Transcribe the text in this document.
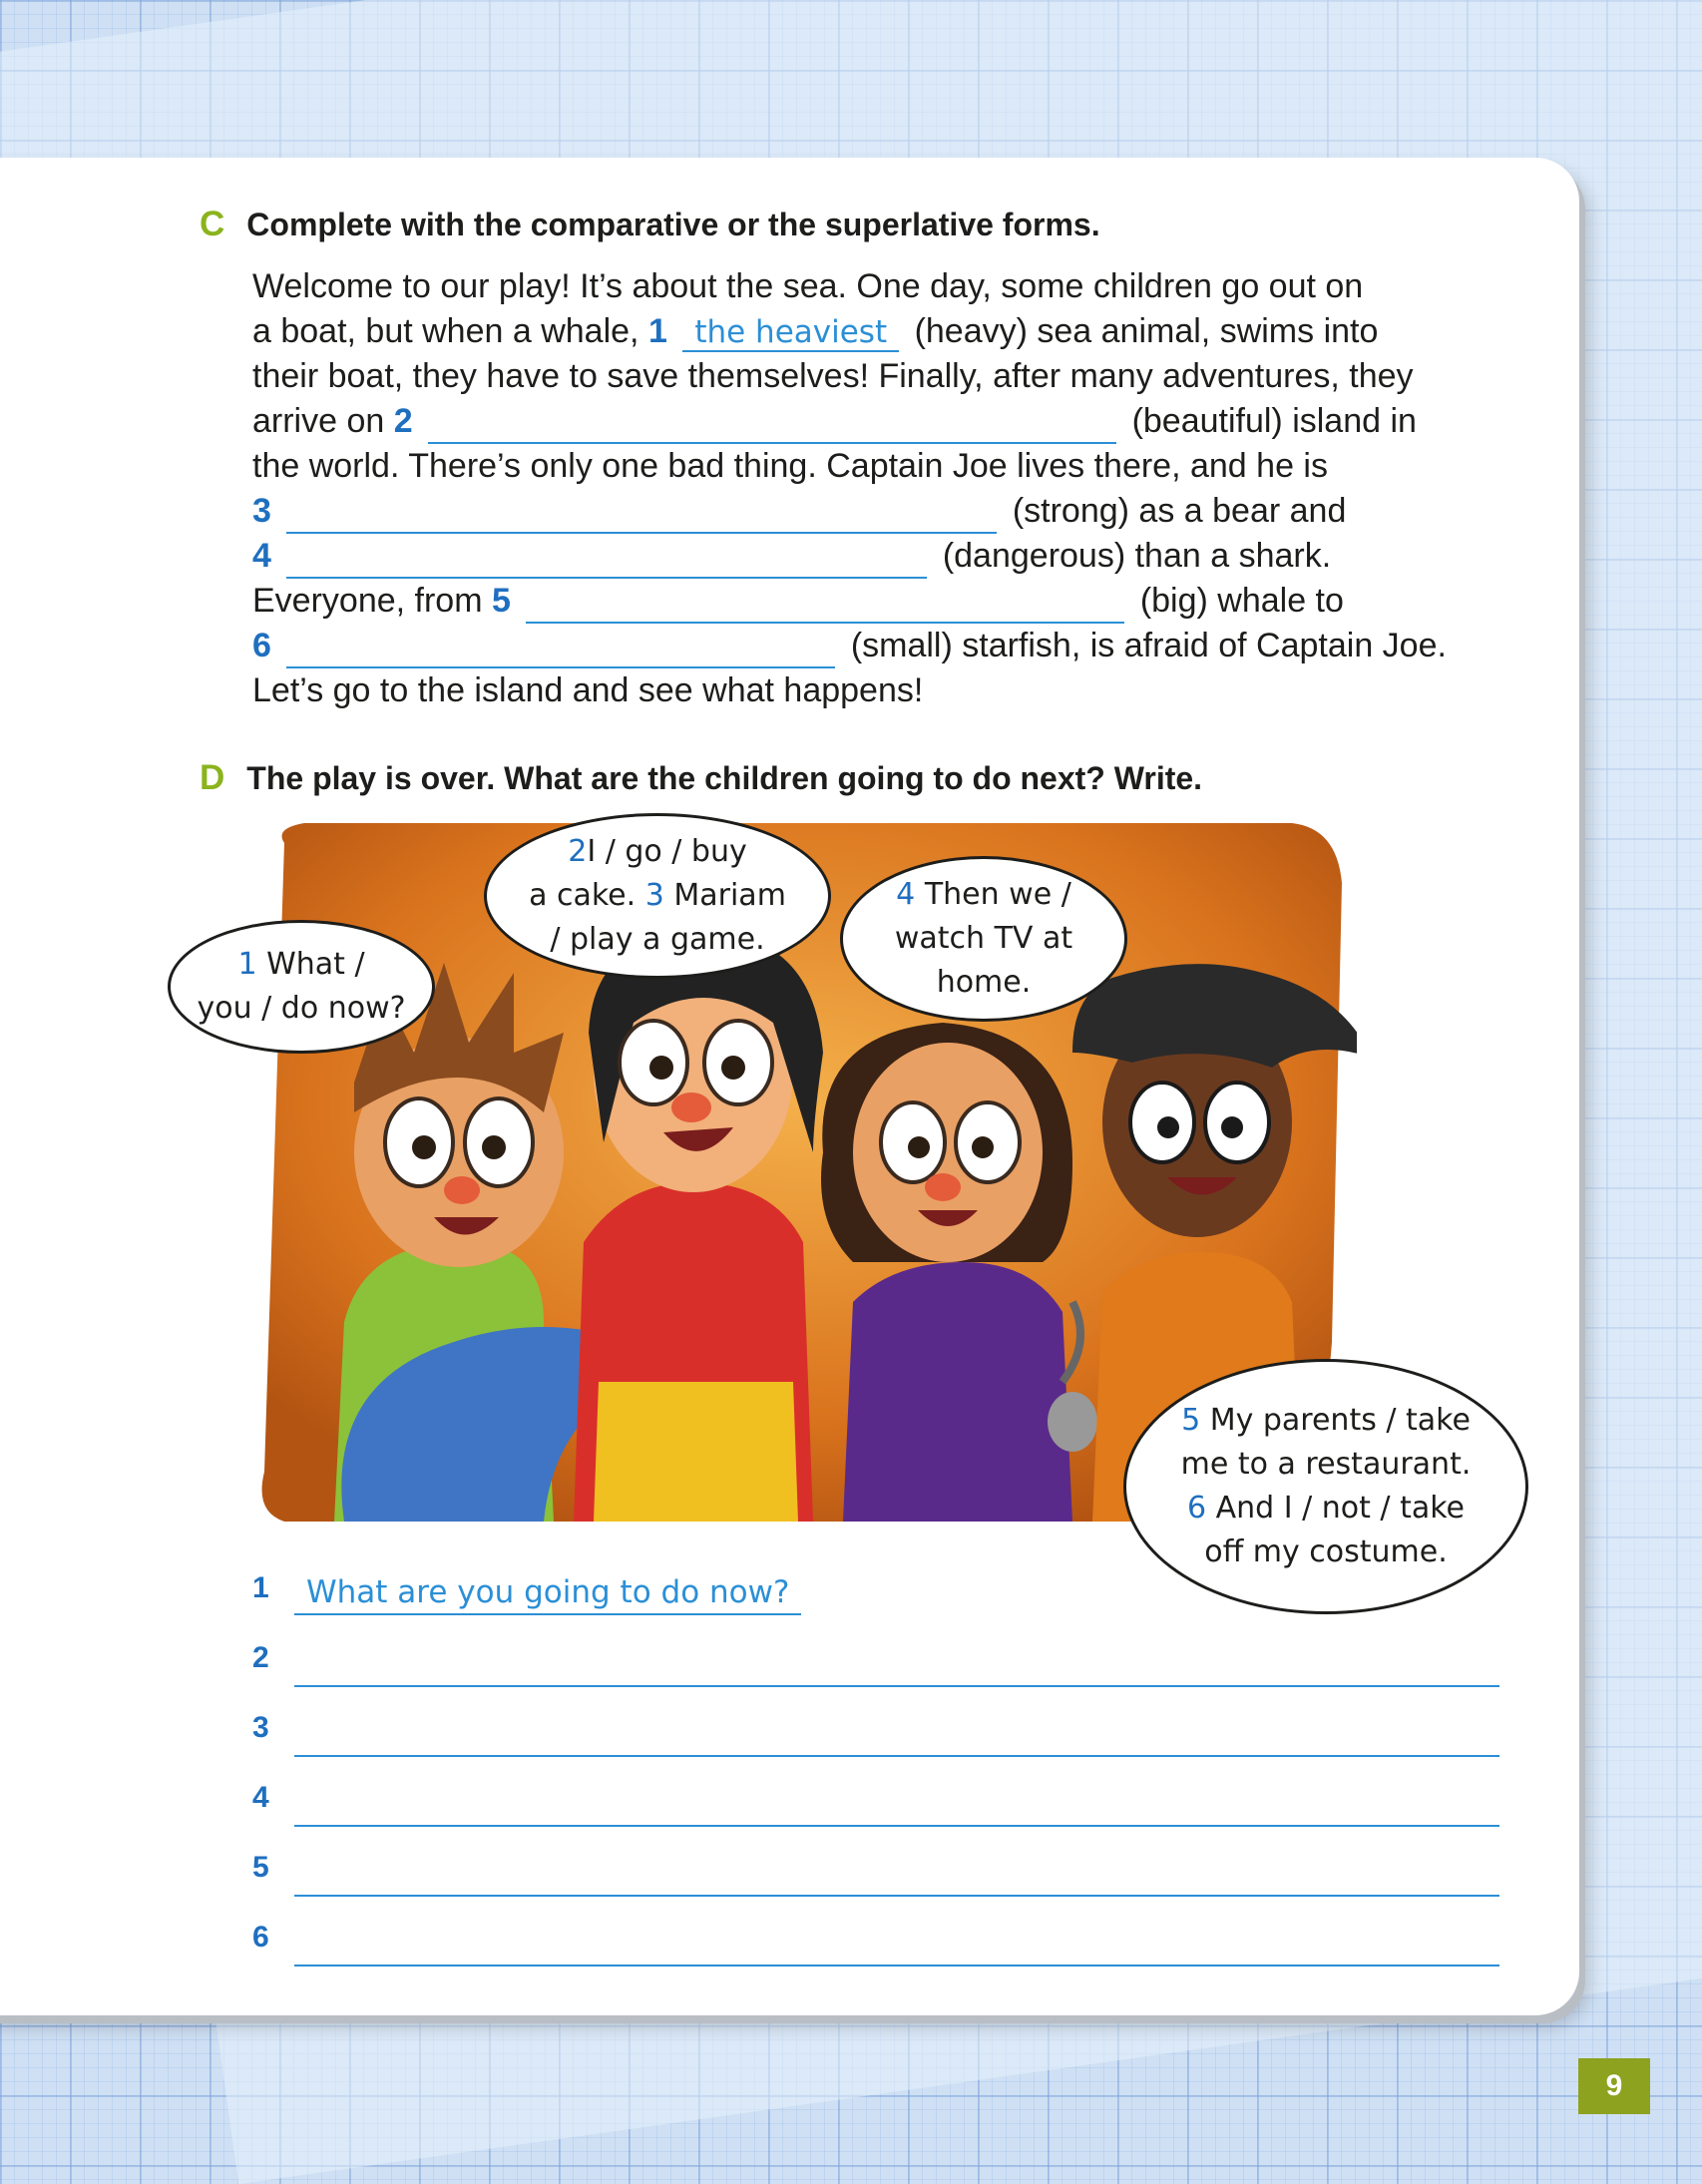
C Complete with the comparative or the superlative forms.
Welcome to our play! It’s about the sea. One day, some children go out on
a boat, but when a whale, 1 the heaviest (heavy) sea animal, swims into
their boat, they have to save themselves! Finally, after many adventures, they
arrive on 2	(beautiful) island in
the world. There’s only one bad thing. Captain Joe lives there, and he is
3	(strong) as a bear and
4	(dangerous) than a shark.
Everyone, from 5	(big) whale to
6	(small) starfish, is afraid of Captain Joe.
Let’s go to the island and see what happens!
D The play is over. What are the children going to do next? Write.
1 What /
you / do now?
2I / go / buy
a cake. 3 Mariam
/ play a game.
4 Then we /
watch TV at
home.
5 My parents / take
me to a restaurant.
6 And I / not / take
off my costume.
1	What are you going to do now?
2
3
4
5
6
9
